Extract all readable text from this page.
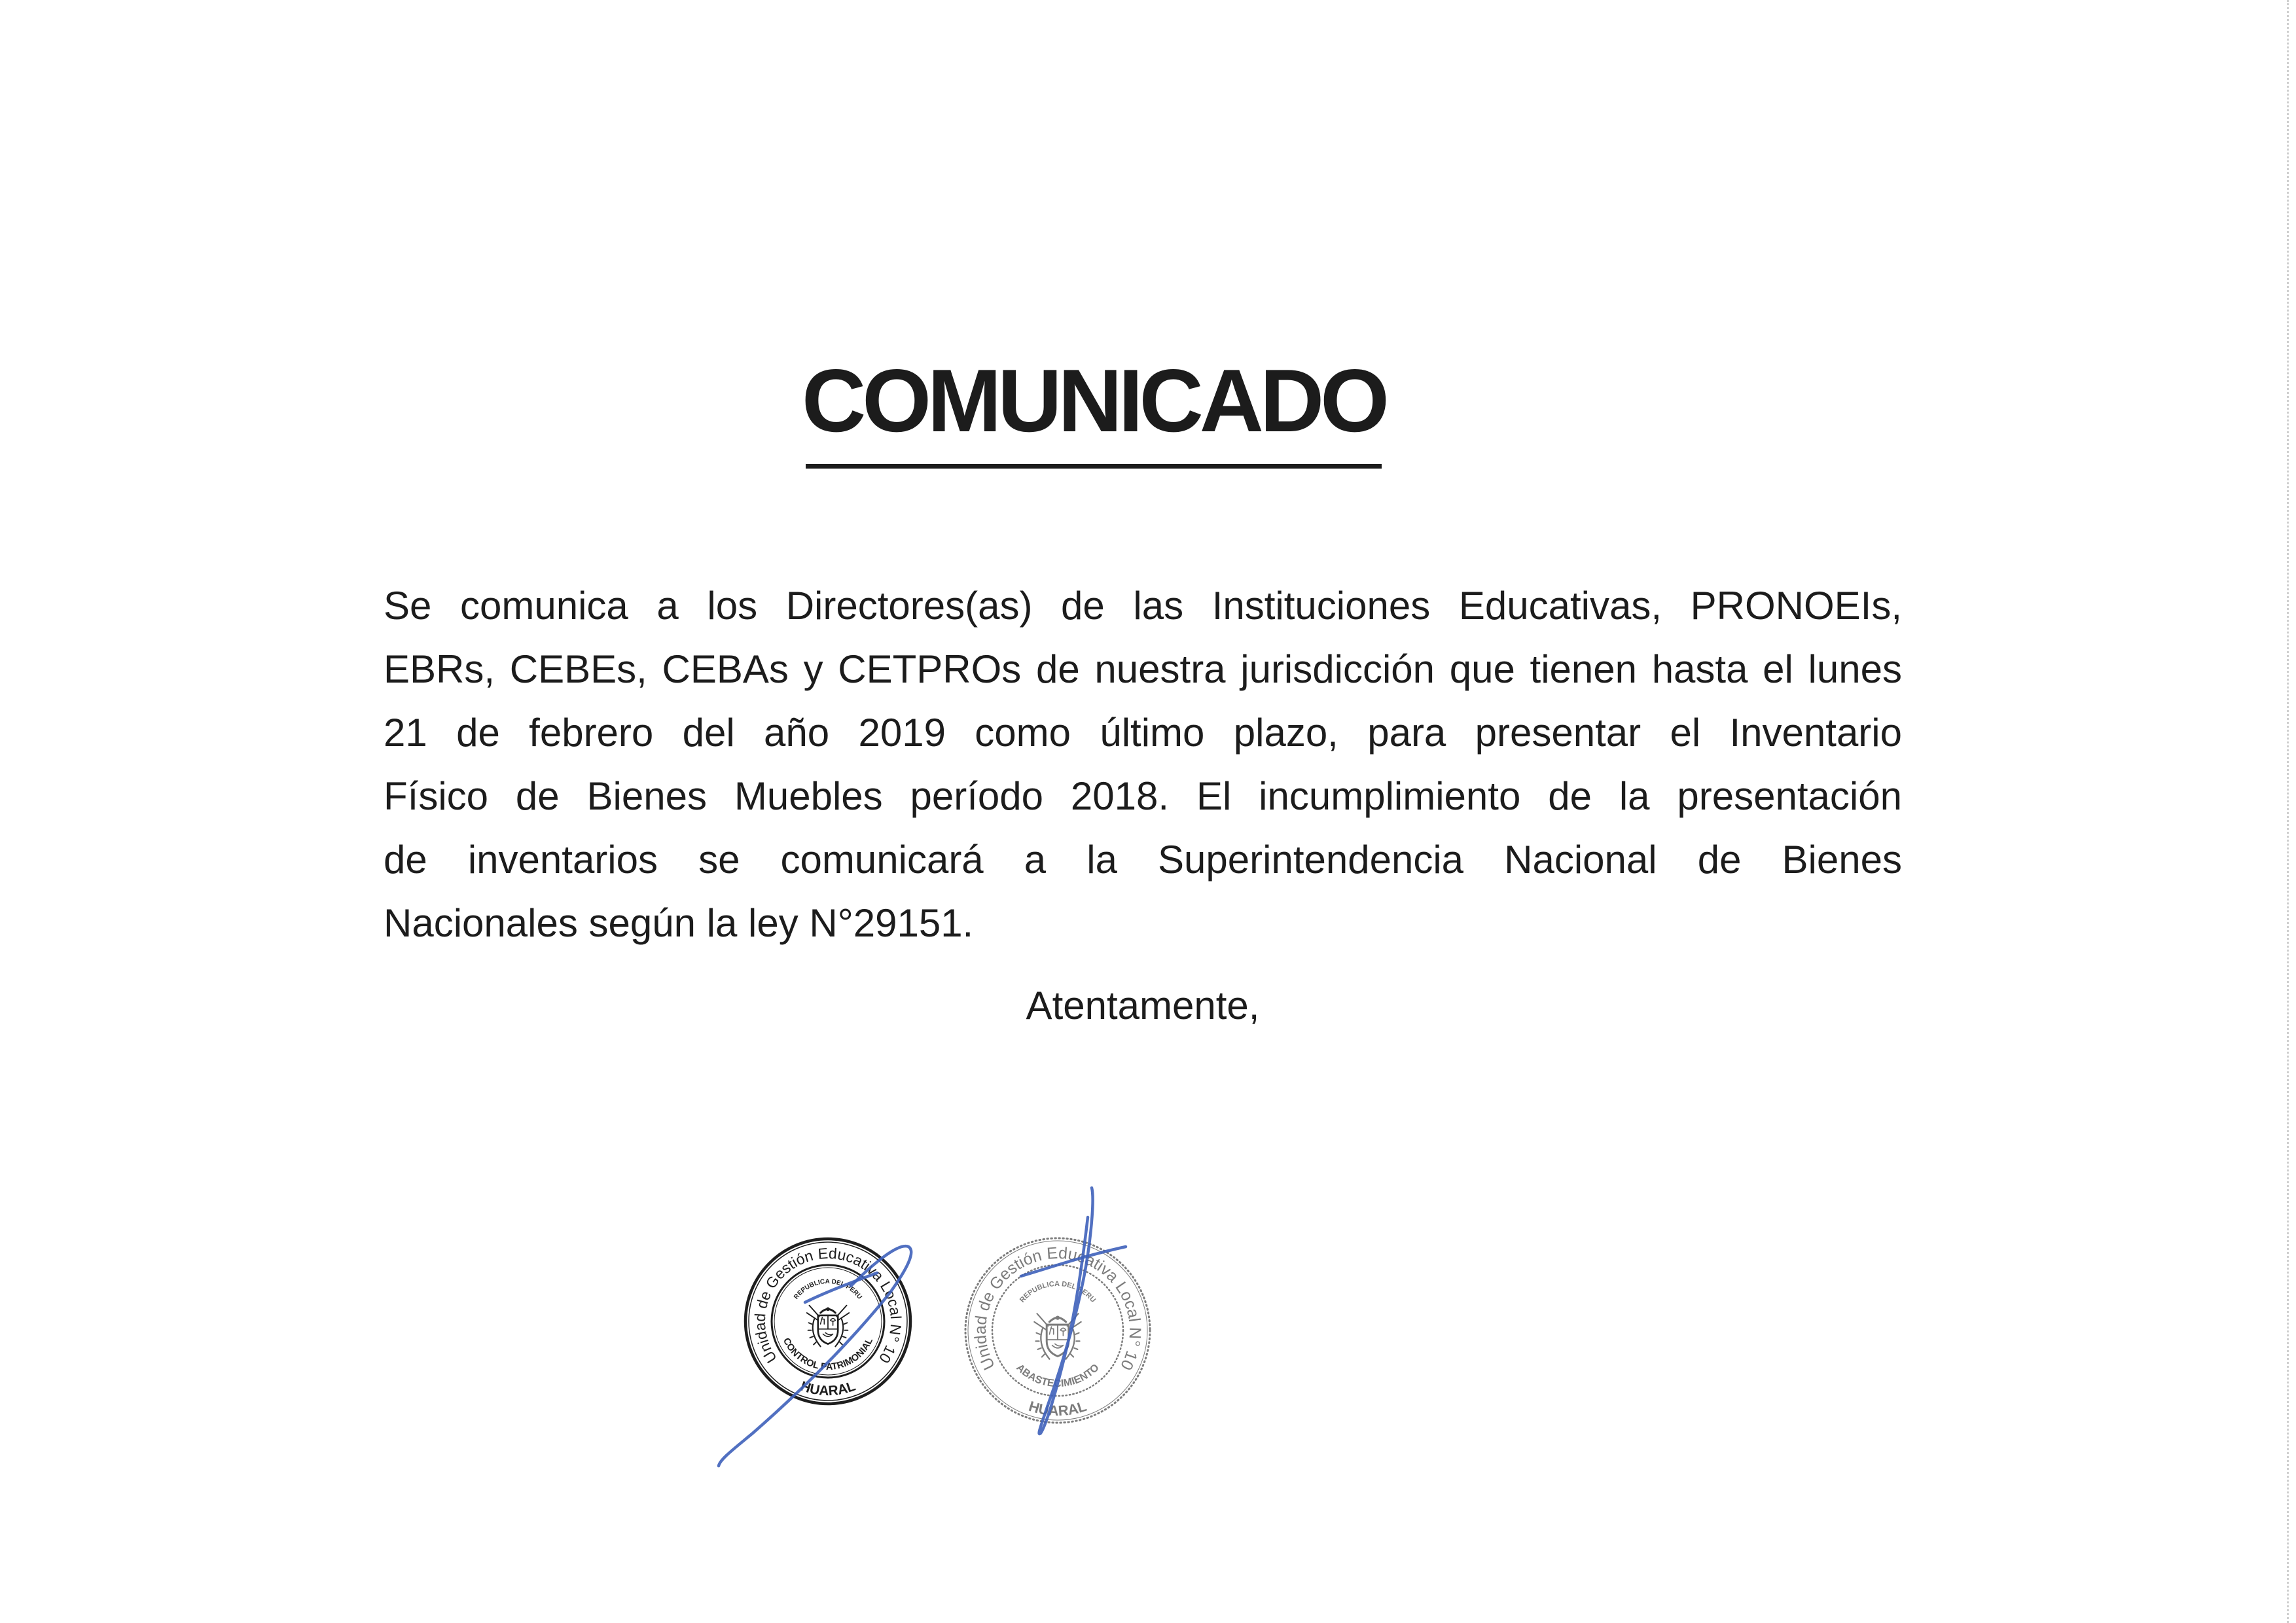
COMUNICADO
Se comunica a los Directores(as) de las Instituciones Educativas, PRONOEIs,
EBRs, CEBEs, CEBAs y CETPROs de nuestra jurisdicción que tienen hasta el lunes
21 de febrero del año 2019 como último plazo, para presentar el Inventario
Físico de Bienes Muebles período 2018. El incumplimiento de la presentación
de inventarios se comunicará a la Superintendencia Nacional de Bienes
Nacionales según la ley N°29151.
Atentamente,
Unidad de Gestión Educativa Local N° 10
HUARAL
CONTROL PATRIMONIAL
REPUBLICA DEL PERU
Unidad de Gestión Educativa Local N° 10
HUARAL
ABASTECIMIENTO
REPUBLICA DEL PERU
